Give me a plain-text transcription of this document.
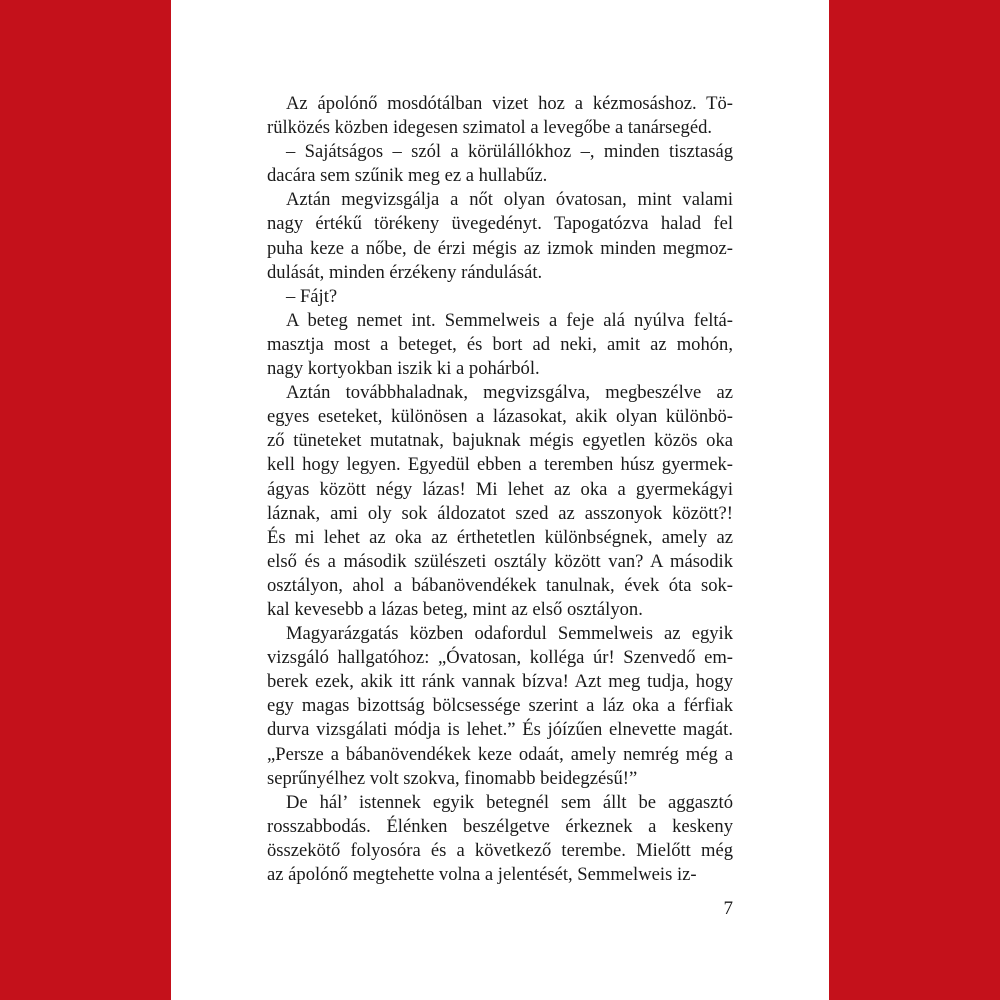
Az ápolónő mosdótálban vizet hoz a kézmosáshoz. Tö-

rülközés közben idegesen szimatol a levegőbe a tanársegéd.

– Sajátságos – szól a körülállókhoz –, minden tisztaság

dacára sem szűnik meg ez a hullabűz.

Aztán megvizsgálja a nőt olyan óvatosan, mint valami

nagy értékű törékeny üvegedényt. Tapogatózva halad fel

puha keze a nőbe, de érzi mégis az izmok minden megmoz-

dulását, minden érzékeny rándulását.

– Fájt?

A beteg nemet int. Semmelweis a feje alá nyúlva feltá-

masztja most a beteget, és bort ad neki, amit az mohón,

nagy kortyokban iszik ki a pohárból.

Aztán továbbhaladnak, megvizsgálva, megbeszélve az

egyes eseteket, különösen a lázasokat, akik olyan különbö-

ző tüneteket mutatnak, bajuknak mégis egyetlen közös oka

kell hogy legyen. Egyedül ebben a teremben húsz gyermek-

ágyas között négy lázas! Mi lehet az oka a gyermekágyi

láznak, ami oly sok áldozatot szed az asszonyok között?!

És mi lehet az oka az érthetetlen különbségnek, amely az

első és a második szülészeti osztály között van? A második

osztályon, ahol a bábanövendékek tanulnak, évek óta sok-

kal kevesebb a lázas beteg, mint az első osztályon.

Magyarázgatás közben odafordul Semmelweis az egyik

vizsgáló hallgatóhoz: „Óvatosan, kolléga úr! Szenvedő em-

berek ezek, akik itt ránk vannak bízva! Azt meg tudja, hogy

egy magas bizottság bölcsessége szerint a láz oka a férfiak

durva vizsgálati módja is lehet.” És jóízűen elnevette magát.

„Persze a bábanövendékek keze odaát, amely nemrég még a

seprűnyélhez volt szokva, finomabb beidegzésű!”

De hál’ istennek egyik betegnél sem állt be aggasztó

rosszabbodás. Élénken beszélgetve érkeznek a keskeny

összekötő folyosóra és a következő terembe. Mielőtt még

az ápolónő megtehette volna a jelentését, Semmelweis iz-

7
